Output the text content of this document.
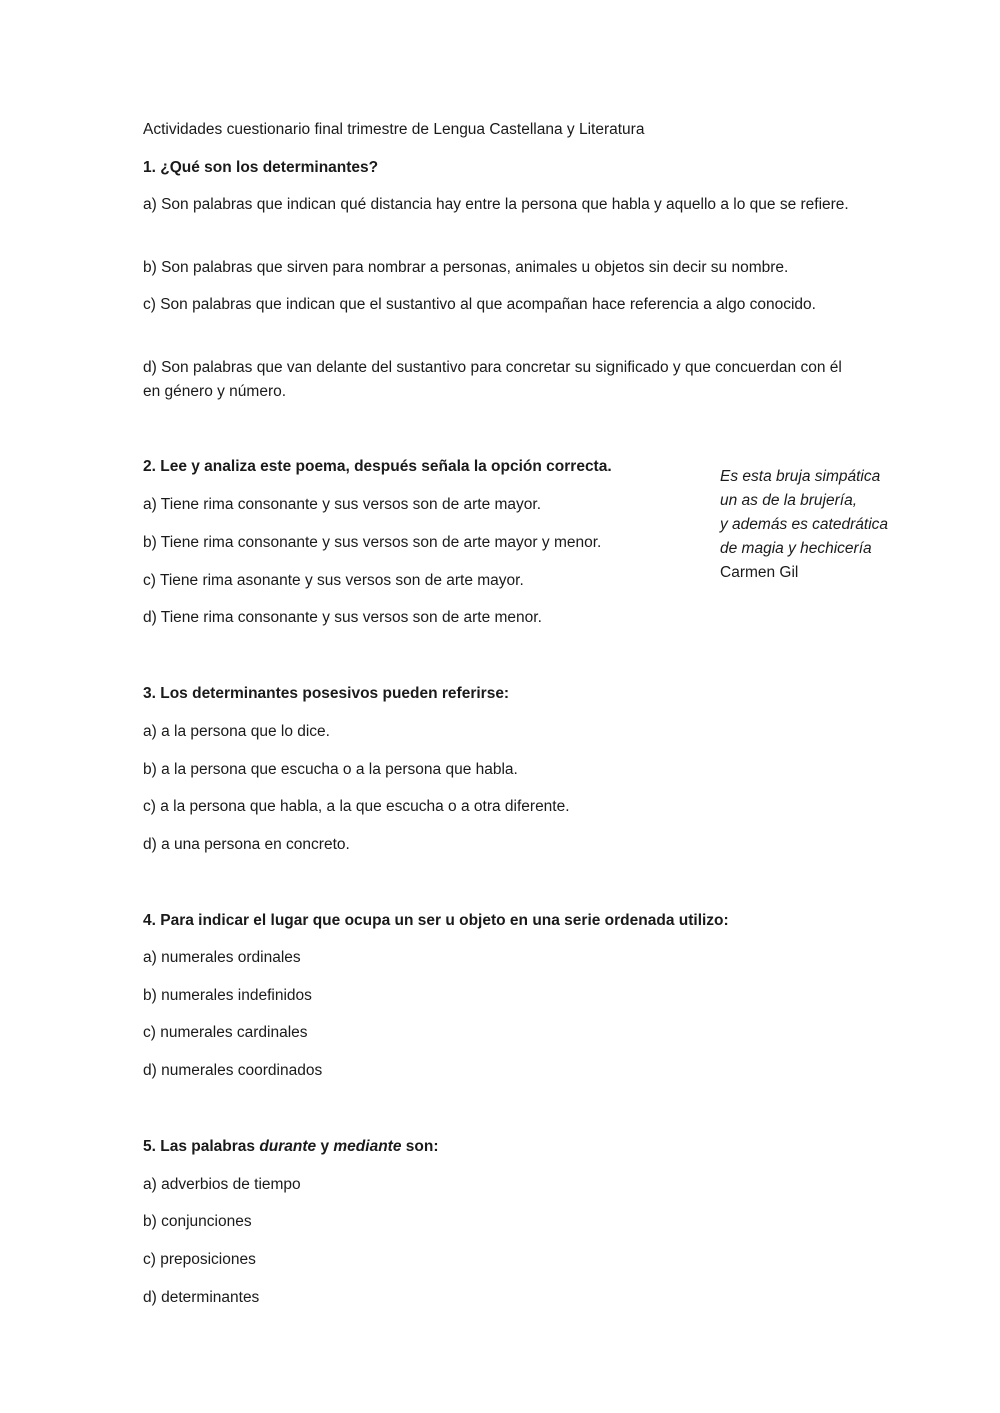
Actividades cuestionario final trimestre de Lengua Castellana y Literatura
1. ¿Qué son los determinantes?
a) Son palabras que indican qué distancia hay entre la persona que habla y aquello a lo que se refiere.
b) Son palabras que sirven para nombrar a personas, animales u objetos sin decir su nombre.
c) Son palabras que indican que el sustantivo al que acompañan hace referencia a algo conocido.
d) Son palabras que van delante del sustantivo para concretar su significado y que concuerdan con él en género y número.
2. Lee y analiza este poema, después señala la opción correcta.
a) Tiene rima consonante y sus versos son de arte mayor.
b) Tiene rima consonante y sus versos son de arte mayor y menor.
c) Tiene rima asonante y sus versos son de arte mayor.
d) Tiene rima consonante y sus versos son de arte menor.
Es esta bruja simpática
un as de la brujería,
y además es catedrática
de magia y hechicería
Carmen Gil
3. Los determinantes posesivos pueden referirse:
a) a la persona que lo dice.
b) a la persona que escucha o a la persona que habla.
c) a la persona que habla, a la que escucha o a otra diferente.
d) a una persona en concreto.
4. Para indicar el lugar que ocupa un ser u objeto en una serie ordenada utilizo:
a) numerales ordinales
b) numerales indefinidos
c) numerales cardinales
d) numerales coordinados
5. Las palabras durante y mediante son:
a) adverbios de tiempo
b) conjunciones
c) preposiciones
d) determinantes
